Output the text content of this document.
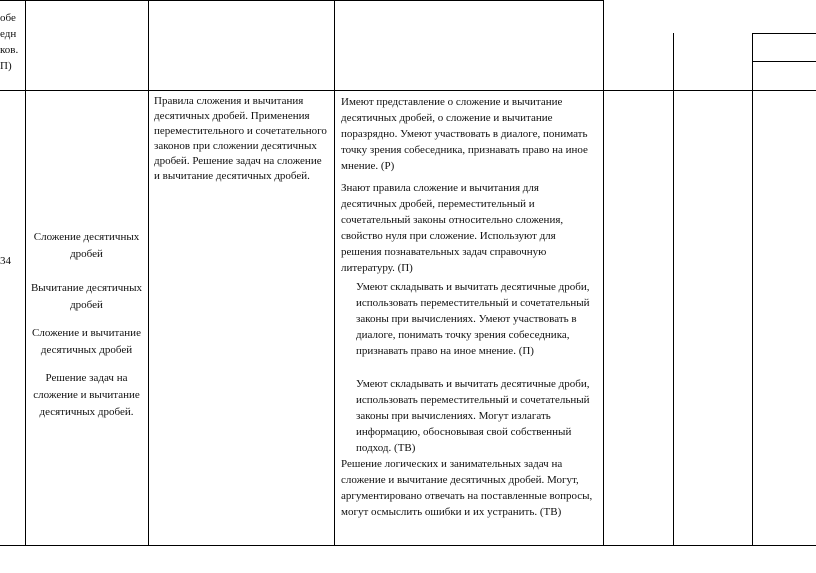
обе
едн
ков.
П)
34

Сложение десятичных дробей

Вычитание десятичных дробей

Сложение и вычитание десятичных дробей

Решение задач на сложение и вычитание десятичных дробей.

Правила сложения и вычитания десятичных дробей. Применения переместительного и сочетательного законов при сложении десятичных дробей. Решение задач на сложение и вычитание десятичных дробей.
Имеют представление о сложение и вычитание десятичных дробей, о сложение и вычитание поразрядно. Умеют участвовать в диалоге, понимать точку зрения собеседника, признавать право на иное мнение. (Р)
Знают правила сложение и вычитания для десятичных дробей, переместительный и сочетательный законы относительно сложения, свойство нуля при сложение. Используют для решения познавательных задач справочную литературу. (П)
Умеют складывать и вычитать десятичные дроби, использовать переместительный и сочетательный законы при вычислениях. Умеют участвовать в диалоге, понимать точку зрения собеседника, признавать право на иное мнение. (П)
Умеют складывать и вычитать десятичные дроби, использовать переместительный и сочетательный законы при вычислениях. Могут излагать информацию, обосновывая свой собственный подход. (ТВ)
Решение логических и занимательных задач на сложение и вычитание десятичных дробей. Могут, аргументировано отвечать на поставленные вопросы, могут осмыслить ошибки и их устранить. (ТВ)
